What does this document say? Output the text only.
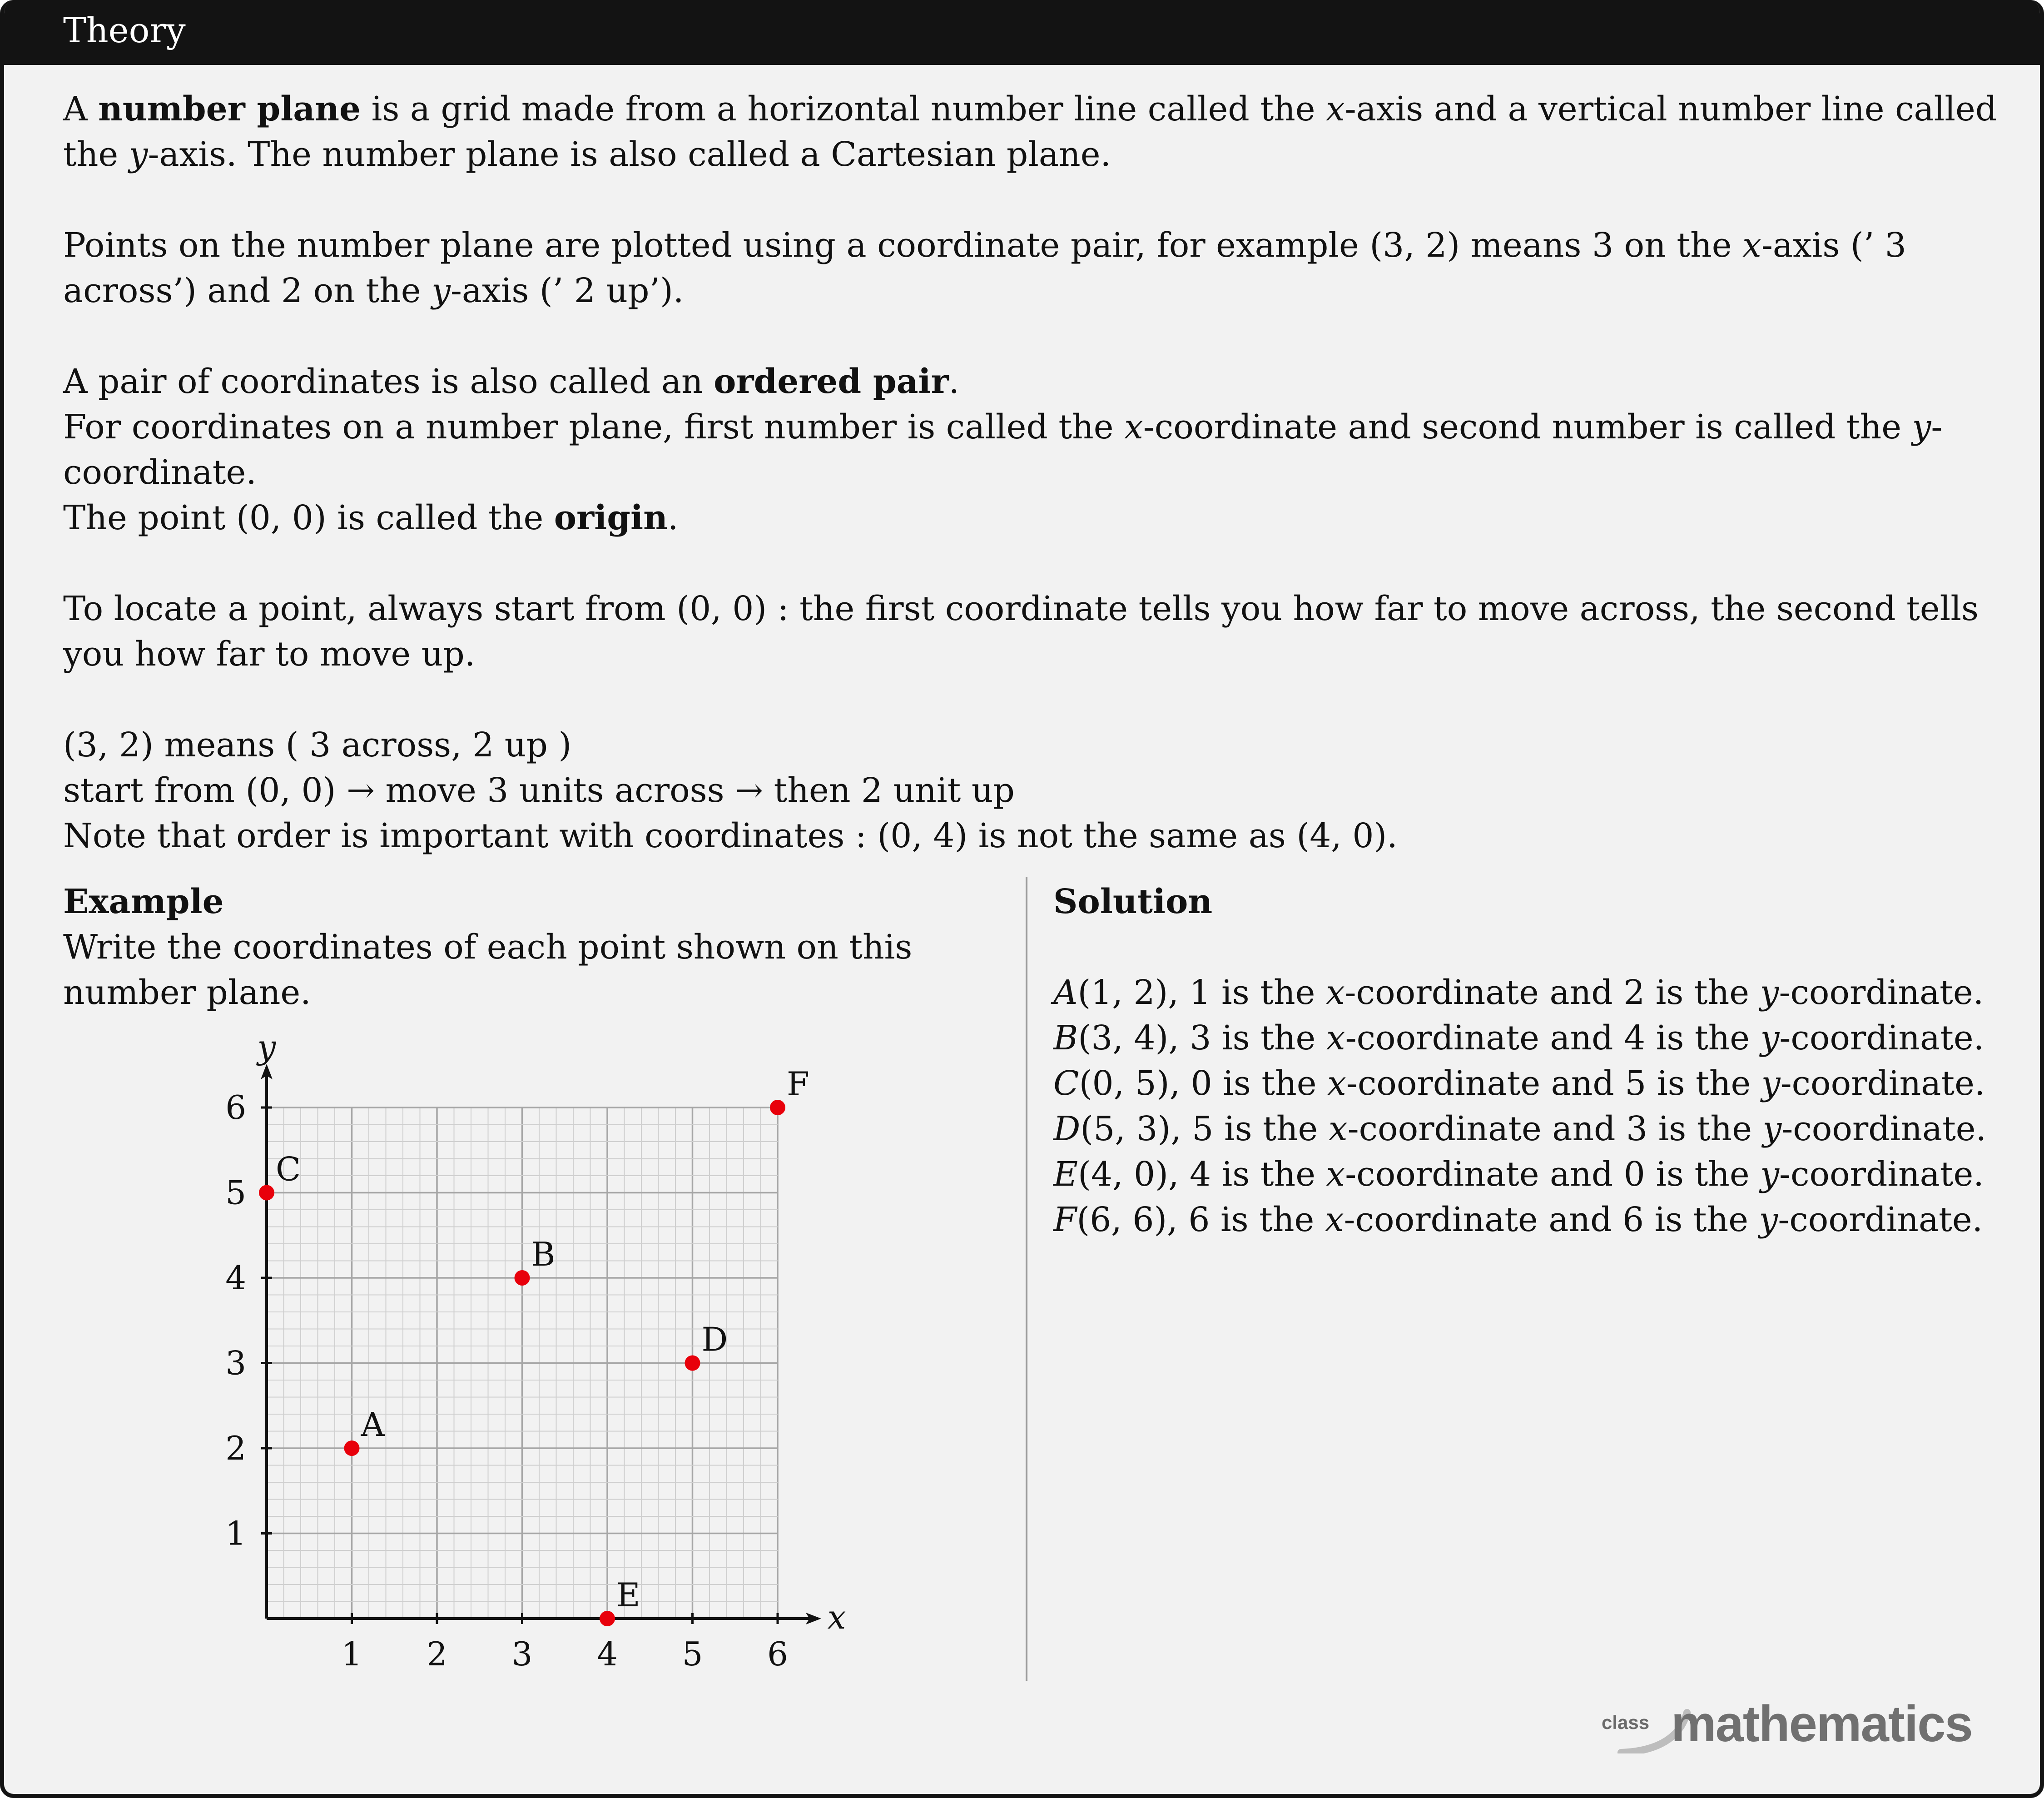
Theory

A number plane is a grid made from a horizontal number line called the x-axis and a vertical number line called the y-axis. The number plane is also called a Cartesian plane.

Points on the number plane are plotted using a coordinate pair, for example (3, 2) means 3 on the x-axis (’ 3 across’) and 2 on the y-axis (’ 2 up’).

A pair of coordinates is also called an ordered pair.
For coordinates on a number plane, first number is called the x-coordinate and second number is called the y-coordinate.
The point (0, 0) is called the origin.

To locate a point, always start from (0, 0) : the first coordinate tells you how far to move across, the second tells you how far to move up.

(3, 2) means ( 3 across, 2 up )
start from (0, 0) → move 3 units across → then 2 unit up
Note that order is important with coordinates : (0, 4) is not the same as (4, 0).

Example
Write the coordinates of each point shown on this number plane.
Solution
A(1, 2), 1 is the x-coordinate and 2 is the y-coordinate.
B(3, 4), 3 is the x-coordinate and 4 is the y-coordinate.
C(0, 5), 0 is the x-coordinate and 5 is the y-coordinate.
D(5, 3), 5 is the x-coordinate and 3 is the y-coordinate.
E(4, 0), 4 is the x-coordinate and 0 is the y-coordinate.
F(6, 6), 6 is the x-coordinate and 6 is the y-coordinate.
1 2 3 4 5 6
1
2
3
4
5
6
x
y
A
B
C
D
E
F
class mathematics
